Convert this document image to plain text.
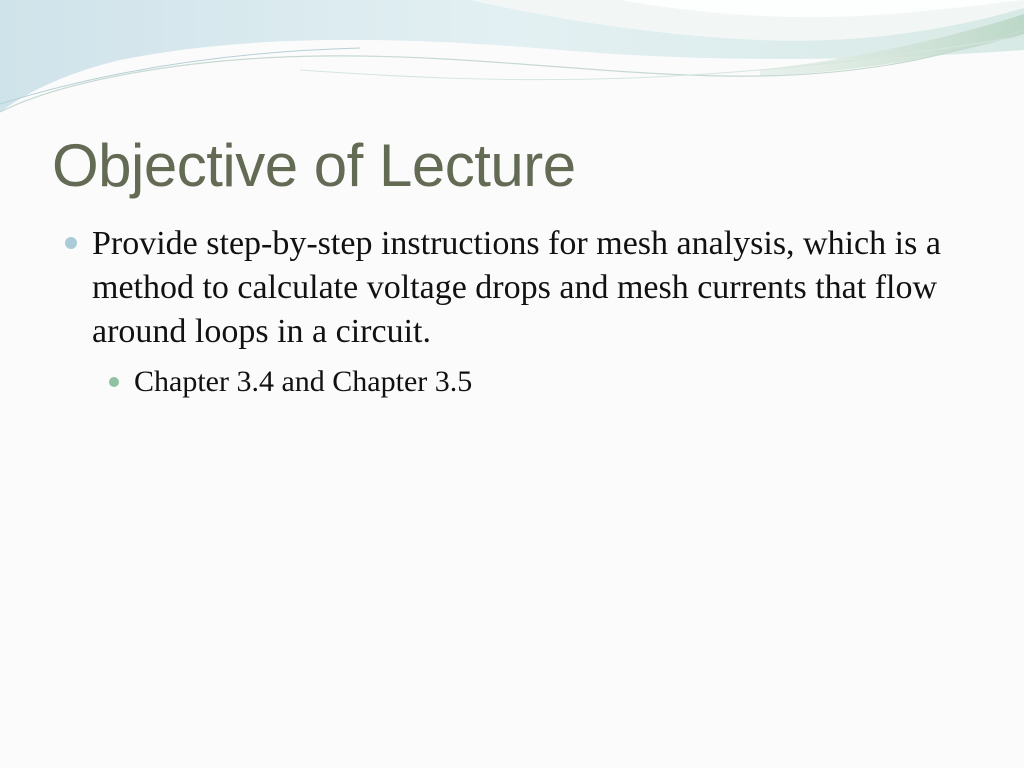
Objective of Lecture
Provide step-by-step instructions for mesh analysis, which is a method to calculate voltage drops and mesh currents that flow around loops in a circuit.
Chapter 3.4 and Chapter 3.5
